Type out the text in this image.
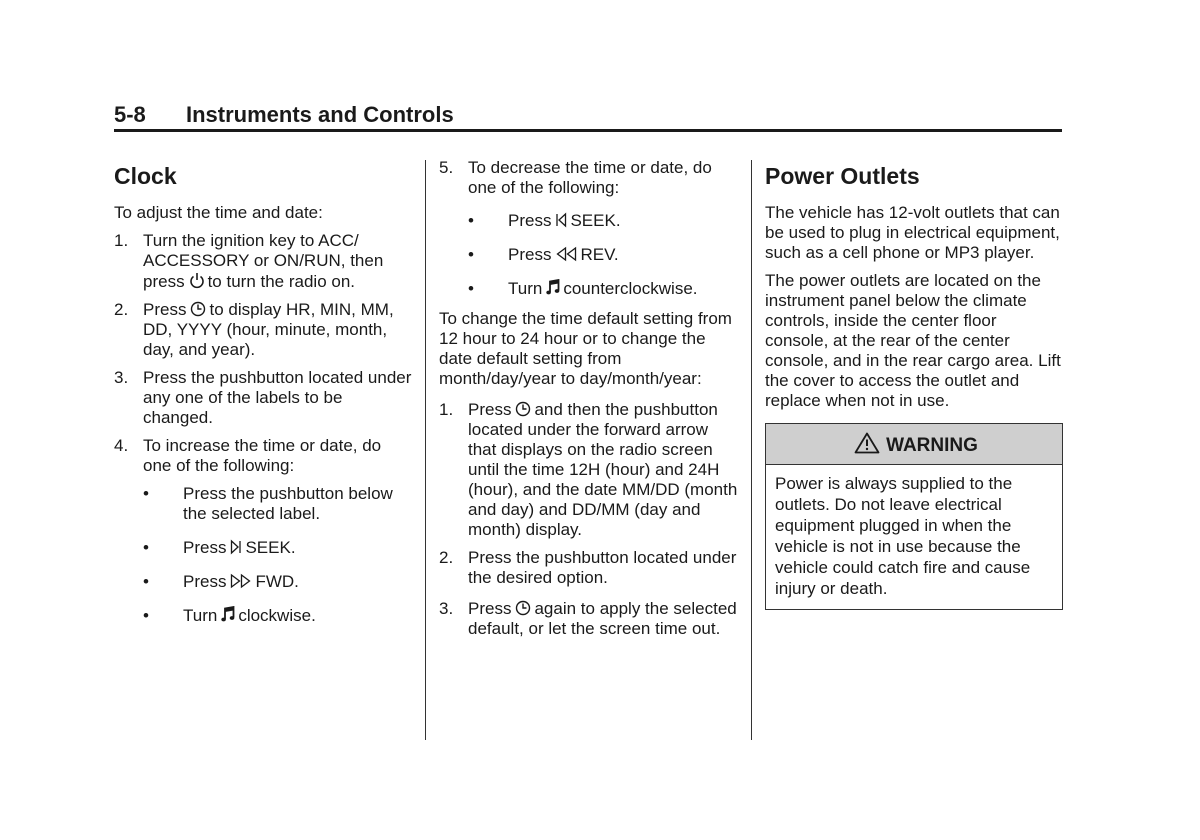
5-8 Instruments and Controls
Clock

To adjust the time and date:

1. Turn the ignition key to ACC/ ACCESSORY or ON/RUN, then press to turn the radio on.
2. Press to display HR, MIN, MM, DD, YYYY (hour, minute, month, day, and year).
3. Press the pushbutton located under any one of the labels to be changed.
4. To increase the time or date, do one of the following:
• Press the pushbutton below the selected label.
• Press SEEK.
• Press FWD.
• Turn clockwise.
5. To decrease the time or date, do one of the following:
• Press SEEK.
• Press REV.
• Turn counterclockwise.

To change the time default setting from 12 hour to 24 hour or to change the date default setting from month/day/year to day/month/year:

1. Press and then the pushbutton located under the forward arrow that displays on the radio screen until the time 12H (hour) and 24H (hour), and the date MM/DD (month and day) and DD/MM (day and month) display.
2. Press the pushbutton located under the desired option.
3. Press again to apply the selected default, or let the screen time out.
Power Outlets

The vehicle has 12-volt outlets that can be used to plug in electrical equipment, such as a cell phone or MP3 player.

The power outlets are located on the instrument panel below the climate controls, inside the center floor console, at the rear of the center console, and in the rear cargo area. Lift the cover to access the outlet and replace when not in use.

WARNING
Power is always supplied to the outlets. Do not leave electrical equipment plugged in when the vehicle is not in use because the vehicle could catch fire and cause injury or death.
